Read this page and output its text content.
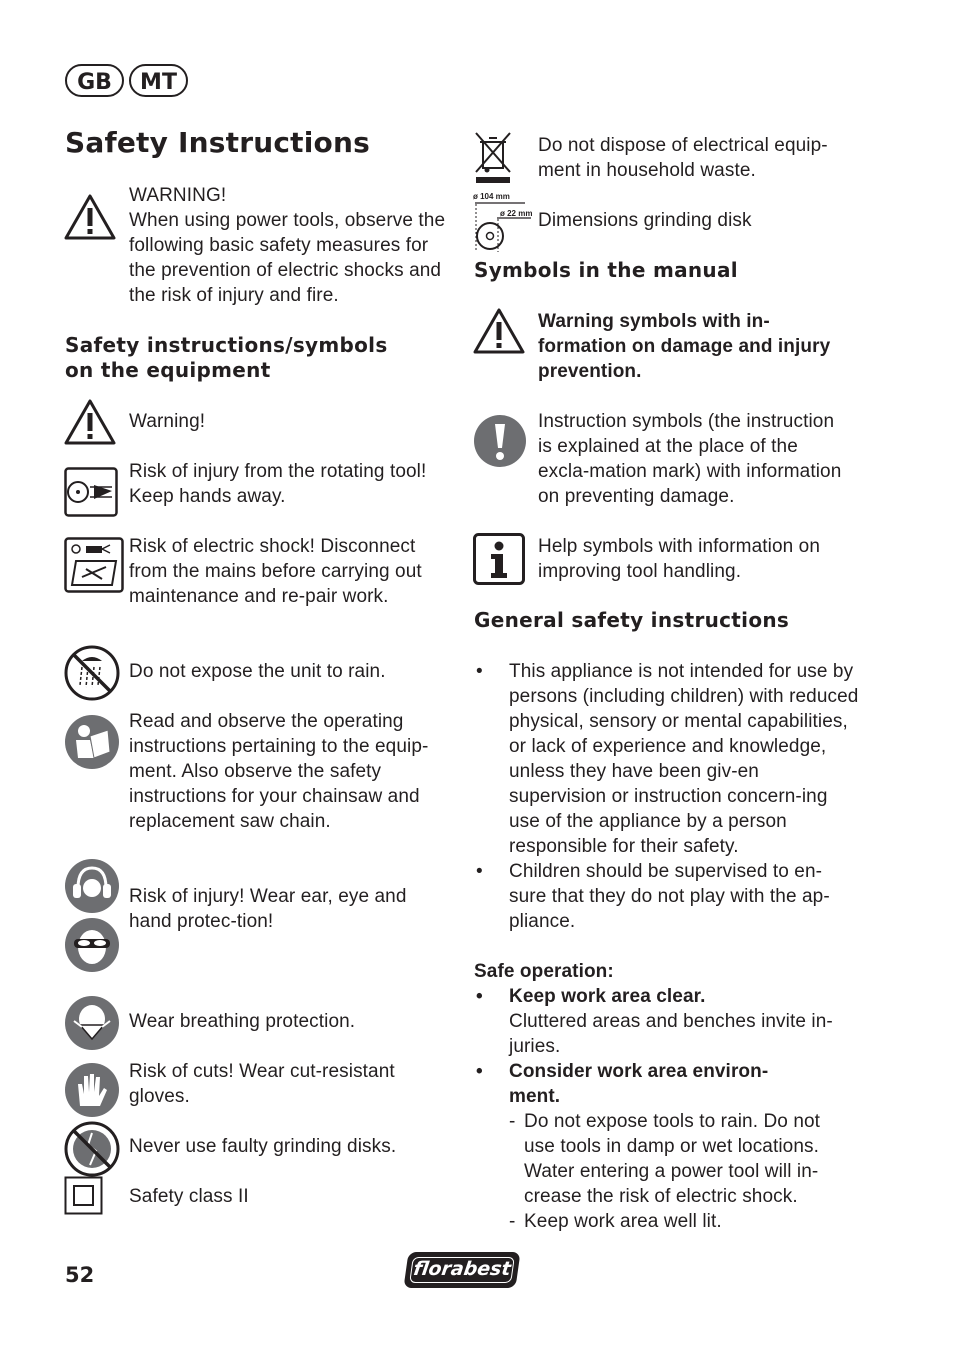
GB	MT
Safety Instructions
WARNING!
When using power tools, observe the following basic safety measures for the prevention of electric shocks and the risk of injury and fire.
Safety instructions/symbols
on the equipment
Warning!
Risk of injury from the rotating tool! Keep hands away.
Risk of electric shock! Disconnect from the mains before carrying out maintenance and re-pair work.
Do not expose the unit to rain.
Read and observe the operating instructions pertaining to the equip-ment. Also observe the safety instructions for your chainsaw and replacement saw chain.
Risk of injury! Wear ear, eye and hand protec-tion!
Wear breathing protection.
Risk of cuts! Wear cut-resistant gloves.
Never use faulty grinding disks.
Safety class II
Do not dispose of electrical equip-ment in household waste.
ø 104 mm
ø 22 mm Dimensions grinding disk
Symbols in the manual
Warning symbols with in-formation on damage and injury prevention.
Instruction symbols (the instruction is explained at the place of the excla-mation mark) with information on preventing damage.
Help symbols with information on improving tool handling.
General safety instructions
• This appliance is not intended for use by persons (including children) with reduced physical, sensory or mental capabilities, or lack of experience and knowledge, unless they have been giv-en supervision or instruction concern-ing use of the appliance by a person responsible for their safety.
• Children should be supervised to en-sure that they do not play with the ap-pliance.
Safe operation:
• Keep work area clear.
Cluttered areas and benches invite in-juries.
• Consider work area environ-
ment.
- Do not expose tools to rain. Do not use tools in damp or wet locations. Water entering a power tool will in-crease the risk of electric shock.
- Keep work area well lit.
52	florabest
